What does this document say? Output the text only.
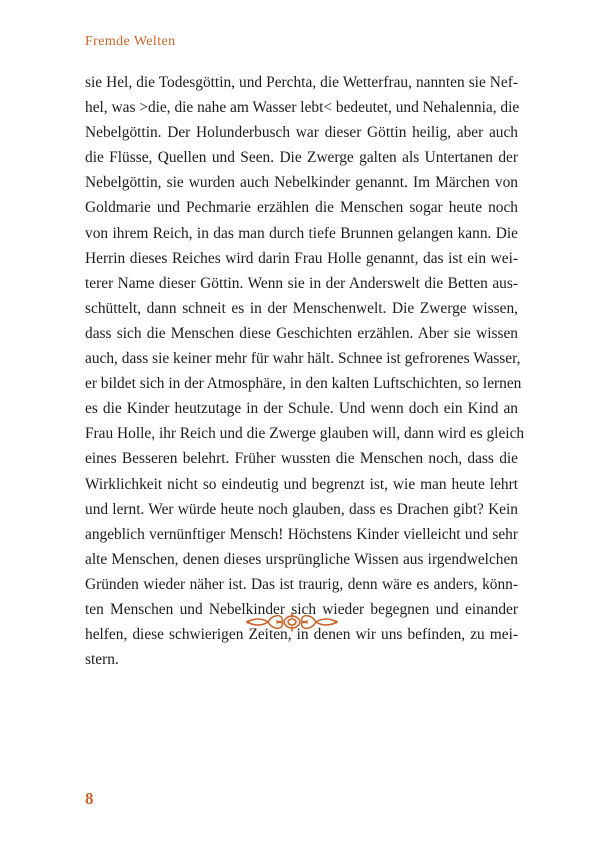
Fremde Welten
sie Hel, die Todesgöttin, und Perchta, die Wetterfrau, nannten sie Nef-
hel, was >die, die nahe am Wasser lebt< bedeutet, und Nehalennia, die
Nebelgöttin. Der Holunderbusch war dieser Göttin heilig, aber auch
die Flüsse, Quellen und Seen. Die Zwerge galten als Untertanen der
Nebelgöttin, sie wurden auch Nebelkinder genannt. Im Märchen von
Goldmarie und Pechmarie erzählen die Menschen sogar heute noch
von ihrem Reich, in das man durch tiefe Brunnen gelangen kann. Die
Herrin dieses Reiches wird darin Frau Holle genannt, das ist ein wei-
terer Name dieser Göttin. Wenn sie in der Anderswelt die Betten aus-
schüttelt, dann schneit es in der Menschenwelt. Die Zwerge wissen,
dass sich die Menschen diese Geschichten erzählen. Aber sie wissen
auch, dass sie keiner mehr für wahr hält. Schnee ist gefrorenes Wasser,
er bildet sich in der Atmosphäre, in den kalten Luftschichten, so lernen
es die Kinder heutzutage in der Schule. Und wenn doch ein Kind an
Frau Holle, ihr Reich und die Zwerge glauben will, dann wird es gleich
eines Besseren belehrt. Früher wussten die Menschen noch, dass die
Wirklichkeit nicht so eindeutig und begrenzt ist, wie man heute lehrt
und lernt. Wer würde heute noch glauben, dass es Drachen gibt? Kein
angeblich vernünftiger Mensch! Höchstens Kinder vielleicht und sehr
alte Menschen, denen dieses ursprüngliche Wissen aus irgendwelchen
Gründen wieder näher ist. Das ist traurig, denn wäre es anders, könn-
ten Menschen und Nebelkinder sich wieder begegnen und einander
helfen, diese schwierigen Zeiten, in denen wir uns befinden, zu mei-
stern.
8
